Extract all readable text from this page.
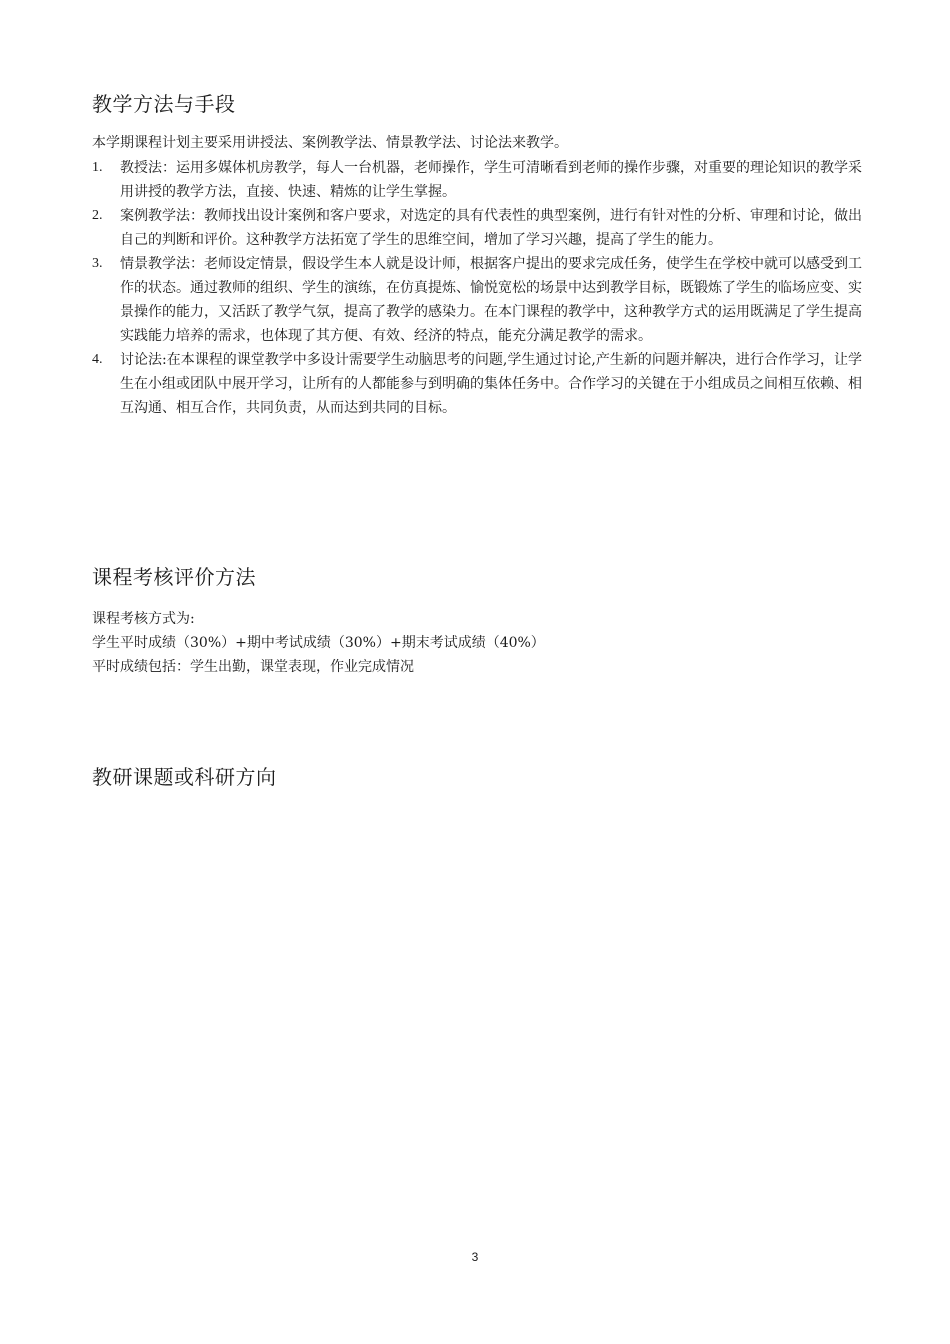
教学方法与手段

本学期课程计划主要采用讲授法、案例教学法、情景教学法、讨论法来教学。

1. 教授法：运用多媒体机房教学，每人一台机器，老师操作，学生可清晰看到老师的操作步骤，对重要的理论知识的教学采用讲授的教学方法，直接、快速、精炼的让学生掌握。
2. 案例教学法：教师找出设计案例和客户要求，对选定的具有代表性的典型案例，进行有针对性的分析、审理和讨论，做出自己的判断和评价。这种教学方法拓宽了学生的思维空间，增加了学习兴趣，提高了学生的能力。
3. 情景教学法：老师设定情景，假设学生本人就是设计师，根据客户提出的要求完成任务，使学生在学校中就可以感受到工作的状态。通过教师的组织、学生的演练，在仿真提炼、愉悦宽松的场景中达到教学目标，既锻炼了学生的临场应变、实景操作的能力，又活跃了教学气氛，提高了教学的感染力。在本门课程的教学中，这种教学方式的运用既满足了学生提高实践能力培养的需求，也体现了其方便、有效、经济的特点，能充分满足教学的需求。
4. 讨论法:在本课程的课堂教学中多设计需要学生动脑思考的问题,学生通过讨论,产生新的问题并解决，进行合作学习，让学生在小组或团队中展开学习，让所有的人都能参与到明确的集体任务中。合作学习的关键在于小组成员之间相互依赖、相互沟通、相互合作，共同负责，从而达到共同的目标。
课程考核评价方法

课程考核方式为:

学生平时成绩（30%）+期中考试成绩（30%）+期末考试成绩（40%）

平时成绩包括：学生出勤，课堂表现，作业完成情况

教研课题或科研方向
3
